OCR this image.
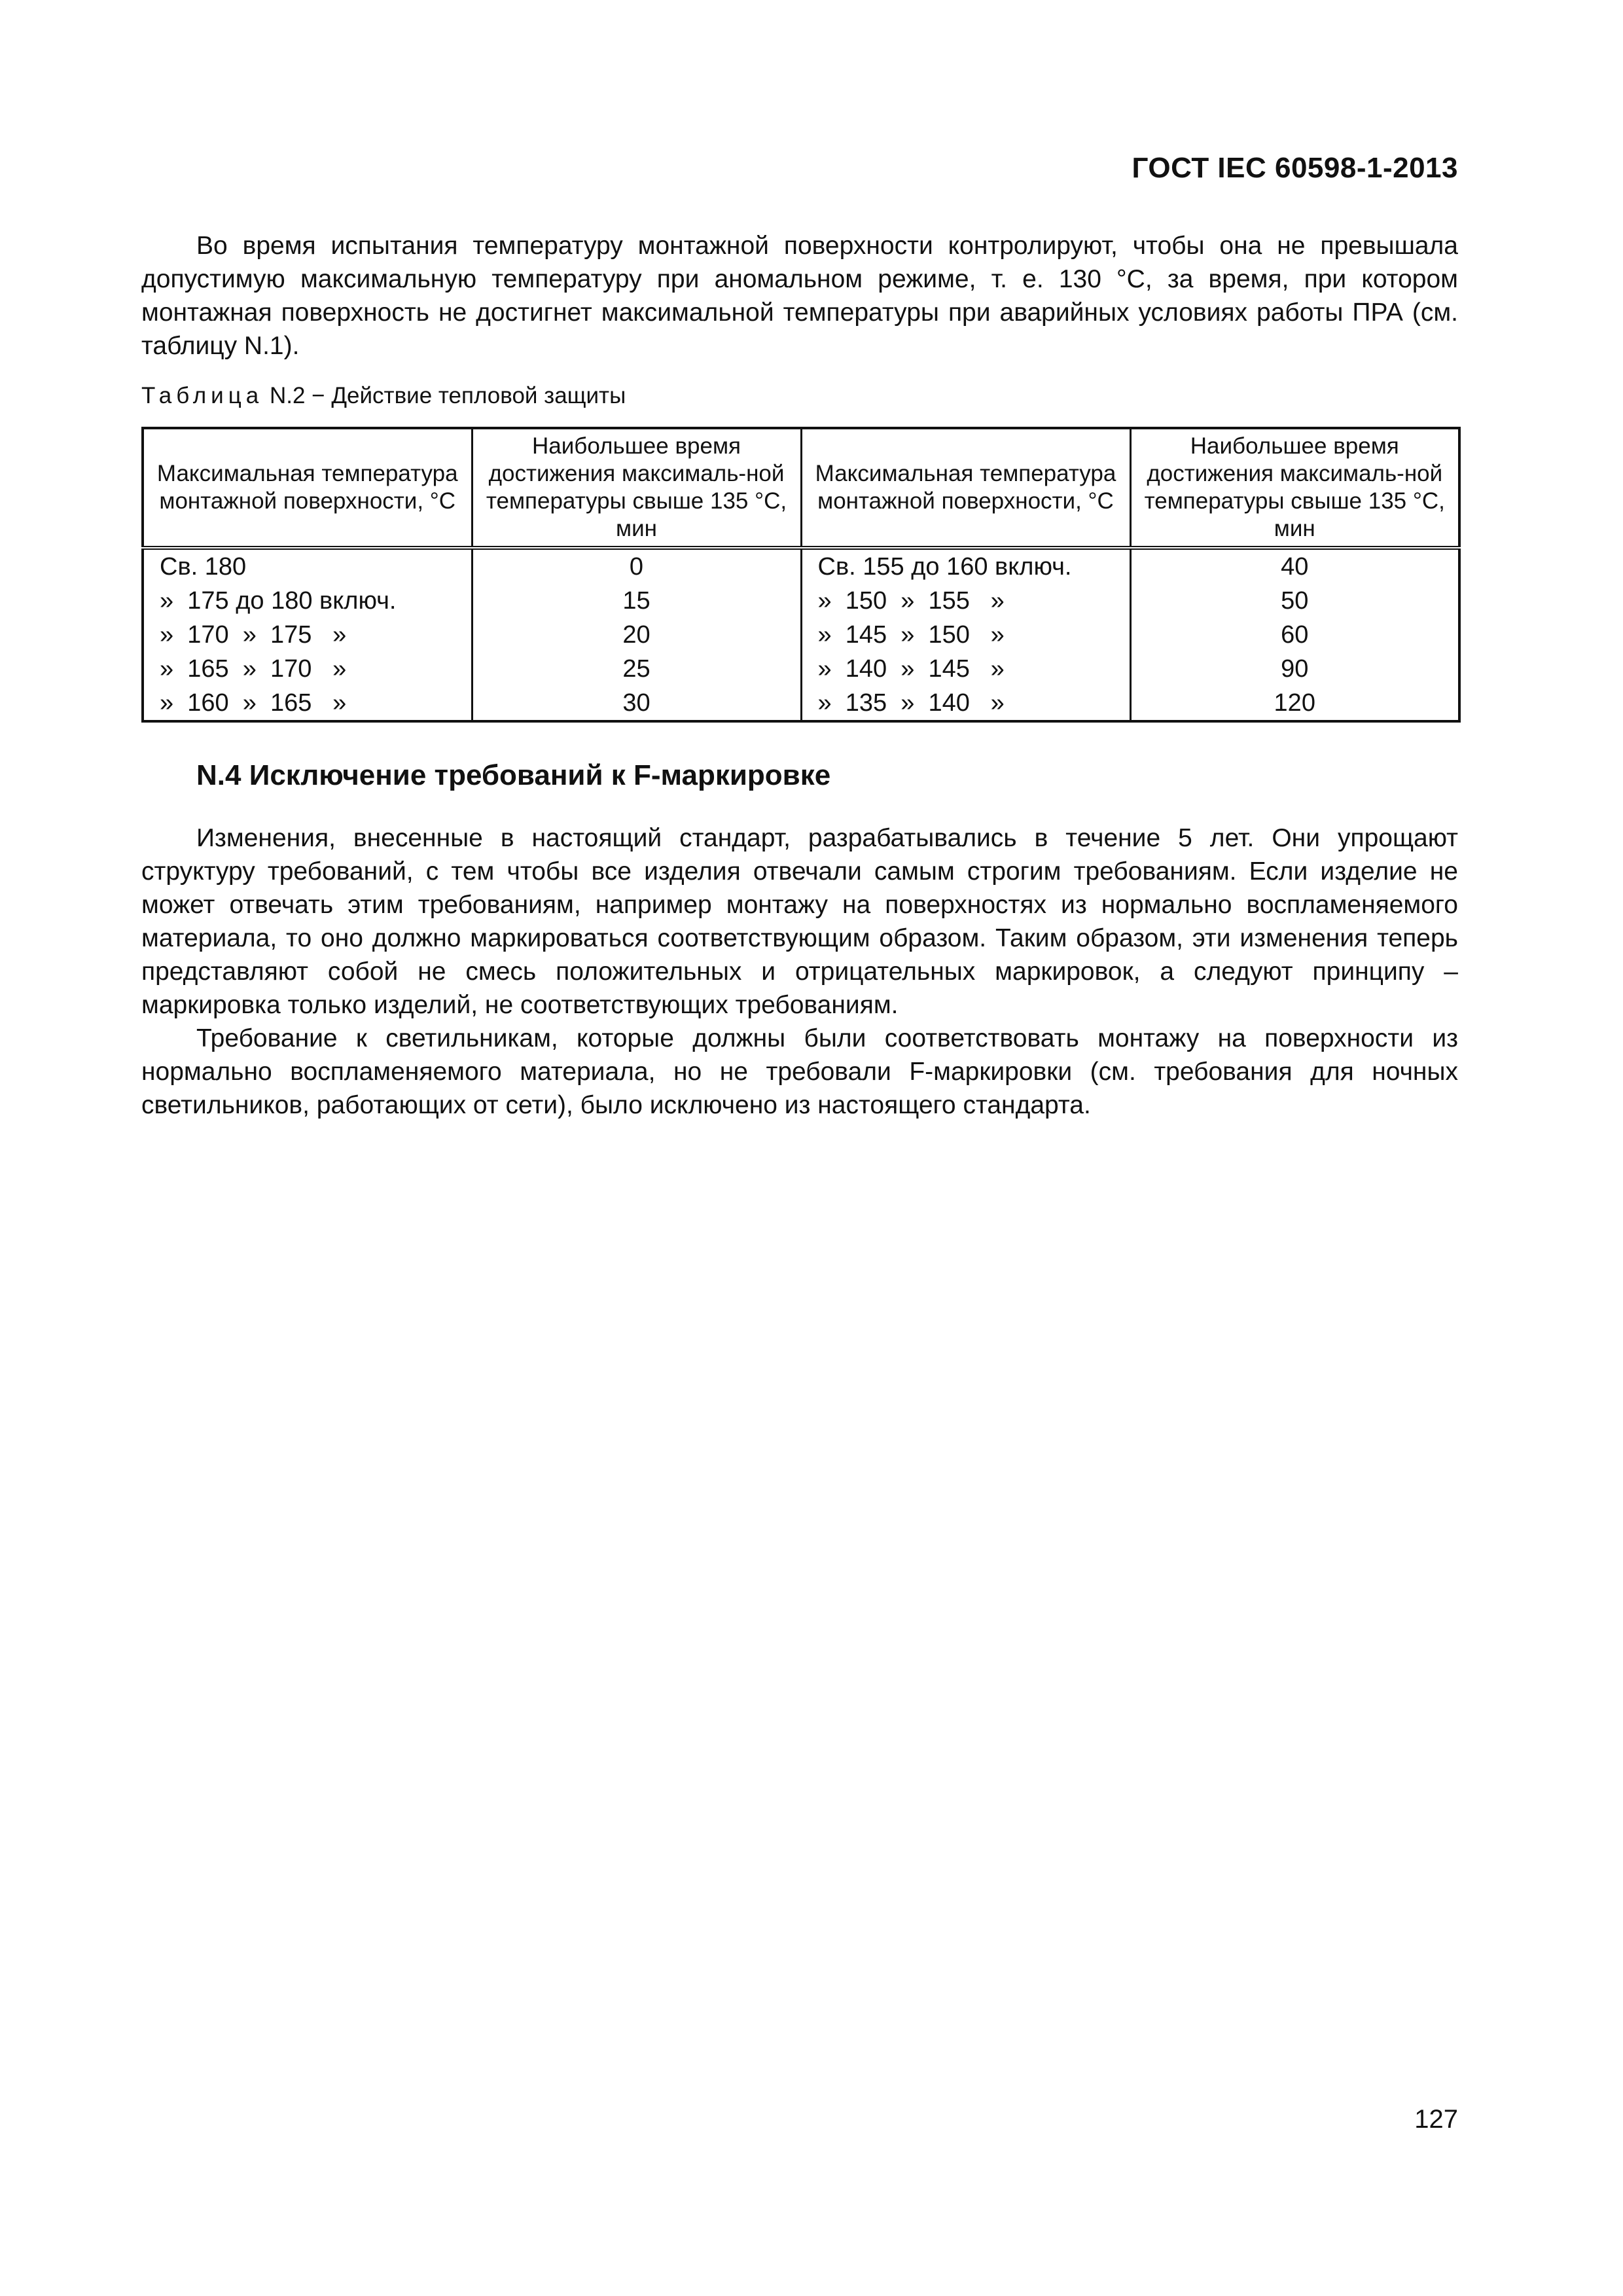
ГОСТ IEC 60598-1-2013

Во время испытания температуру монтажной поверхности контролируют, чтобы она не превышала допустимую максимальную температуру при аномальном режиме, т. е. 130 °С, за время, при котором монтажная поверхность не достигнет максимальной температуры при аварийных условиях работы ПРА (см. таблицу N.1).

Таблица N.2 − Действие тепловой защиты
Максимальная температура монтажной поверхности, °С	Наибольшее время достижения максималь-ной температуры свыше 135 °С, мин	Максимальная температура монтажной поверхности, °С	Наибольшее время достижения максималь-ной температуры свыше 135 °С, мин
Св. 180	0	Св. 155 до 160 включ.	40
»  175 до 180 включ.	15	»  150  »  155   »	50
»  170  »  175   »	20	»  145  »  150   »	60
»  165  »  170   »	25	»  140  »  145   »	90
»  160  »  165   »	30	»  135  »  140   »	120
N.4 Исключение требований к F-маркировке

Изменения, внесенные в настоящий стандарт, разрабатывались в течение 5 лет. Они упрощают структуру требований, с тем чтобы все изделия отвечали самым строгим требованиям. Если изделие не может отвечать этим требованиям, например монтажу на поверхностях из нормально воспламеняемого материала, то оно должно маркироваться соответствующим образом. Таким образом, эти изменения теперь представляют собой не смесь положительных и отрицательных маркировок, а следуют принципу – маркировка только изделий, не соответствующих требованиям.

Требование к светильникам, которые должны были соответствовать монтажу на поверхности из нормально воспламеняемого материала, но не требовали F-маркировки (см. требования для ночных светильников, работающих от сети), было исключено из настоящего стандарта.

127
